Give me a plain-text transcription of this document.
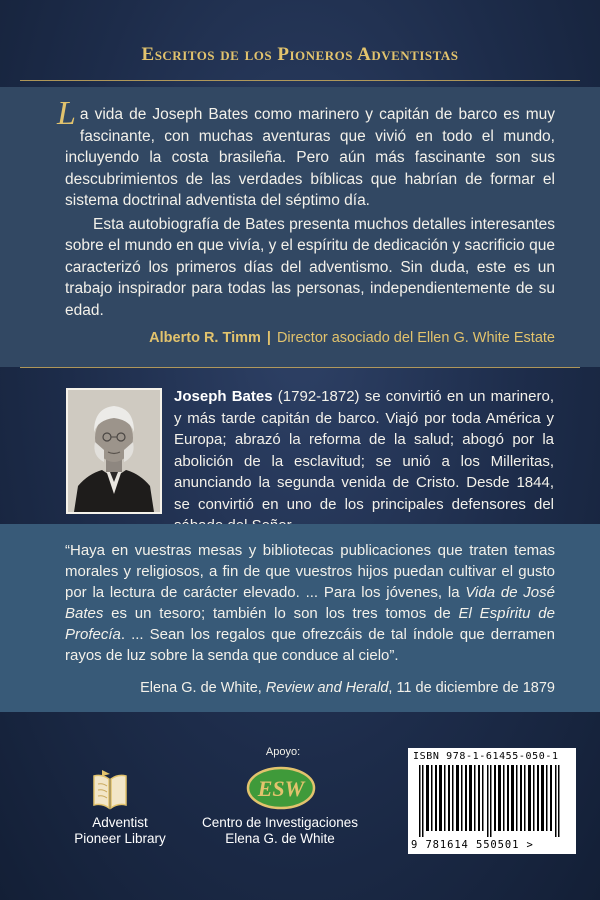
Escritos de los Pioneros Adventistas

La vida de Joseph Bates como marinero y capitán de barco es muy fascinante, con muchas aventuras que vivió en todo el mundo, incluyendo la costa brasileña. Pero aún más fascinante son sus descubrimientos de las verdades bíblicas que habrían de formar el sistema doctrinal adventista del séptimo día.

Esta autobiografía de Bates presenta muchos detalles interesantes sobre el mundo en que vivía, y el espíritu de dedicación y sacrificio que caracterizó los primeros días del adventismo. Sin duda, este es un trabajo inspirador para todas las personas, independientemente de su edad.

Alberto R. Timm | Director asociado del Ellen G. White Estate
Joseph Bates (1792-1872) se convirtió en un marinero, y más tarde capitán de barco. Viajó por toda América y Europa; abrazó la reforma de la salud; abogó por la abolición de la esclavitud; se unió a los Milleritas, anunciando la segunda venida de Cristo. Desde 1844, se convirtió en uno de los principales defensores del
“Haya en vuestras mesas y bibliotecas publicaciones que traten temas morales y religiosos, a fin de que vuestros hijos puedan cultivar el gusto por la lectura de carácter elevado. ... Para los jóvenes, la Vida de José Bates es un tesoro; también lo son los tres tomos de El Espíritu de Profecía. ... Sean los regalos que ofrezcáis de tal índole que derramen rayos de luz sobre la senda que conduce al cielo”.
Elena G. de White, Review and Herald, 11 de diciembre de 1879
Apoyo:
Adventist
Pioneer Library
ESW
Centro de Investigaciones
Elena G. de White
ISBN 978-1-61455-050-1
9 781614 550501 >
